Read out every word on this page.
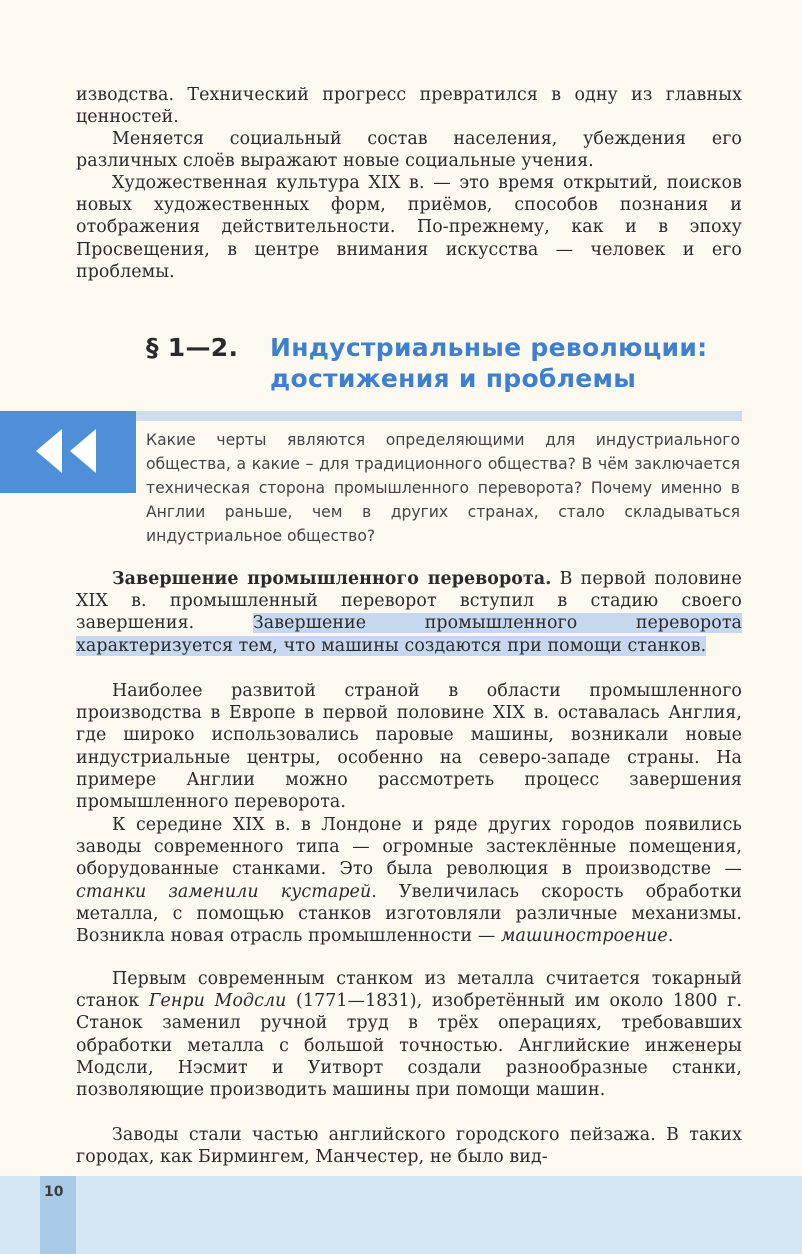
изводства. Технический прогресс превратился в одну из главных ценностей.

Меняется социальный состав населения, убеждения его различных слоёв выражают новые социальные учения.

Художественная культура XIX в. — это время открытий, поисков новых художественных форм, приёмов, способов познания и отображения действительности. По-прежнему, как и в эпоху Просвещения, в центре внимания искусства — человек и его проблемы.

§ 1—2. Индустриальные революции:
достижения и проблемы

Какие черты являются определяющими для индустриального общества, а какие – для традиционного общества? В чём заключается техническая сторона промышленного переворота? Почему именно в Англии раньше, чем в других странах, стало складываться индустриальное общество?

Завершение промышленного переворота. В первой половине XIX в. промышленный переворот вступил в стадию своего завершения. Завершение промышленного переворота характеризуется тем, что машины создаются при помощи станков.

Наиболее развитой страной в области промышленного производства в Европе в первой половине XIX в. оставалась Англия, где широко использовались паровые машины, возникали новые индустриальные центры, особенно на северо-западе страны. На примере Англии можно рассмотреть процесс завершения промышленного переворота.

К середине XIX в. в Лондоне и ряде других городов появились заводы современного типа — огромные застеклённые помещения, оборудованные станками. Это была революция в производстве — станки заменили кустарей. Увеличилась скорость обработки металла, с помощью станков изготовляли различные механизмы. Возникла новая отрасль промышленности — машиностроение.

Первым современным станком из металла считается токарный станок Генри Модсли (1771—1831), изобретённый им около 1800 г. Станок заменил ручной труд в трёх операциях, требовавших обработки металла с большой точностью. Английские инженеры Модсли, Нэсмит и Уитворт создали разнообразные станки, позволяющие производить машины при помощи машин.

Заводы стали частью английского городского пейзажа. В таких городах, как Бирмингем, Манчестер, не было вид-

10
